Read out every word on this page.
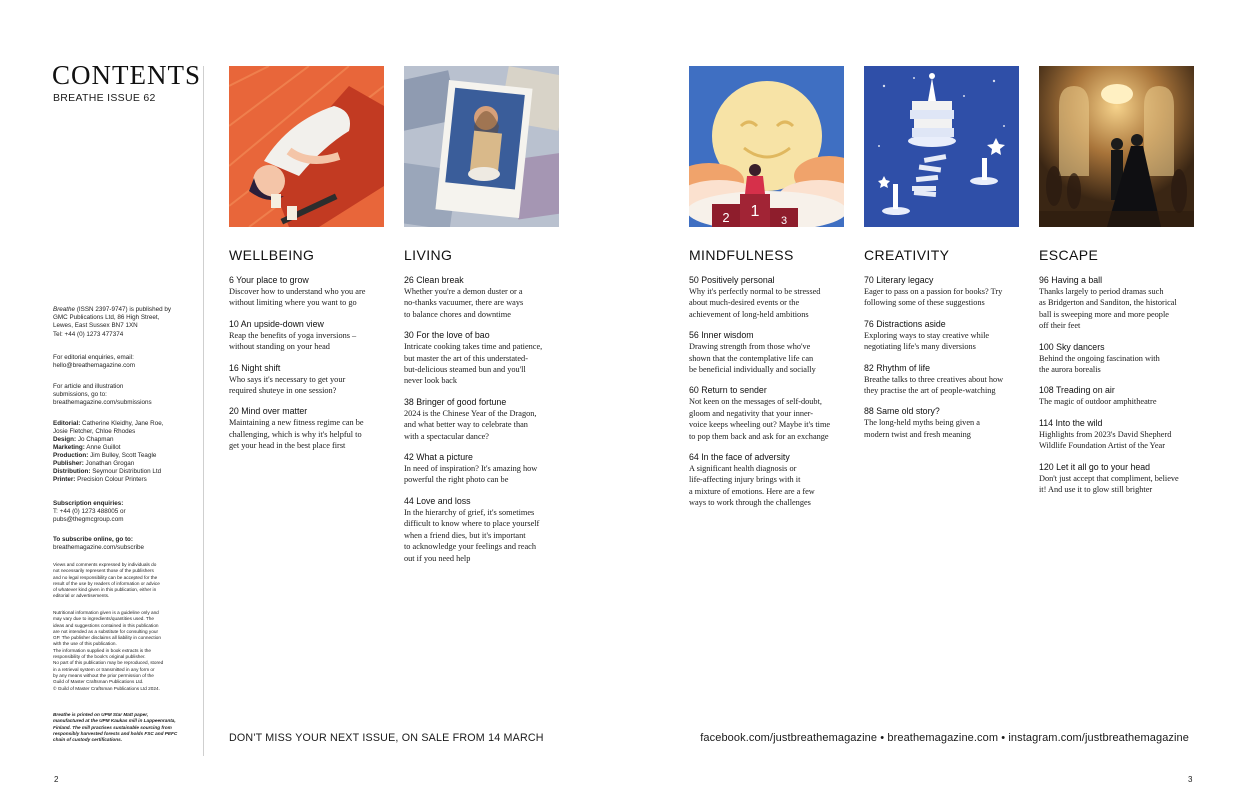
CONTENTS
BREATHE ISSUE 62

Breathe (ISSN 2397-9747) is published by
GMC Publications Ltd, 86 High Street,
Lewes, East Sussex BN7 1XN

Tel: +44 (0) 1273 477374

For editorial enquiries, email:

hello@breathemagazine.com

For article and illustration
submissions, go to:

breathemagazine.com/submissions

Editorial: Catherine Kleidhy, Jane Roe,
Josie Fletcher, Chloe Rhodes

Design: Jo Chapman

Marketing: Anne Guillot

Production: Jim Bulley, Scott Teagle

Publisher: Jonathan Grogan

Distribution: Seymour Distribution Ltd

Printer: Precision Colour Printers

Subscription enquiries:

T: +44 (0) 1273 488005 or
pubs@thegmcgroup.com

To subscribe online, go to:

breathemagazine.com/subscribe

Views and comments expressed by individuals do
not necessarily represent those of the publishers
and no legal responsibility can be accepted for the
result of the use by readers of information or advice
of whatever kind given in this publication, either in
editorial or advertisements.
Nutritional information given is a guideline only and
may vary due to ingredients/quantities used. The
ideas and suggestions contained in this publication
are not intended as a substitute for consulting your
GP. The publisher disclaims all liability in connection
with the use of this publication.
The information supplied in book extracts is the
responsibility of the book's original publisher.
No part of this publication may be reproduced, stored
in a retrieval system or transmitted in any form or
by any means without the prior permission of the
Guild of Master Craftsman Publications Ltd.
© Guild of Master Craftsman Publications Ltd 2024.
Breathe is printed on UPM Star Matt paper,
manufactured at the UPM Kaukas mill in Lappeenranta,
Finland. The mill practises sustainable sourcing from
responsibly harvested forests and holds FSC and PEFC
chain of custody certifications.
2 1
3
WELLBEING
6 Your place to grow
Discover how to understand who you are
without limiting where you want to go
10 An upside-down view
Reap the benefits of yoga inversions –
without standing on your head
16 Night shift
Who says it's necessary to get your
required shuteye in one session?
20 Mind over matter
Maintaining a new fitness regime can be
challenging, which is why it's helpful to
get your head in the best place first
LIVING
26 Clean break
Whether you're a demon duster or a
no-thanks vacuumer, there are ways
to balance chores and downtime
30 For the love of bao
Intricate cooking takes time and patience,
but master the art of this understated-
but-delicious steamed bun and you'll
never look back
38 Bringer of good fortune
2024 is the Chinese Year of the Dragon,
and what better way to celebrate than
with a spectacular dance?
42 What a picture
In need of inspiration? It's amazing how
powerful the right photo can be
44 Love and loss
In the hierarchy of grief, it's sometimes
difficult to know where to place yourself
when a friend dies, but it's important
to acknowledge your feelings and reach
out if you need help
MINDFULNESS
50 Positively personal
Why it's perfectly normal to be stressed
about much-desired events or the
achievement of long-held ambitions
56 Inner wisdom
Drawing strength from those who've
shown that the contemplative life can
be beneficial individually and socially
60 Return to sender
Not keen on the messages of self-doubt,
gloom and negativity that your inner-
voice keeps wheeling out? Maybe it's time
to pop them back and ask for an exchange
64 In the face of adversity
A significant health diagnosis or
life-affecting injury brings with it
a mixture of emotions. Here are a few
ways to work through the challenges
CREATIVITY
70 Literary legacy
Eager to pass on a passion for books? Try
following some of these suggestions
76 Distractions aside
Exploring ways to stay creative while
negotiating life's many diversions
82 Rhythm of life
Breathe talks to three creatives about how
they practise the art of people-watching
88 Same old story?
The long-held myths being given a
modern twist and fresh meaning
ESCAPE
96 Having a ball
Thanks largely to period dramas such
as Bridgerton and Sanditon, the historical
ball is sweeping more and more people
off their feet
100 Sky dancers
Behind the ongoing fascination with
the aurora borealis
108 Treading on air
The magic of outdoor amphitheatre
114 Into the wild
Highlights from 2023's David Shepherd
Wildlife Foundation Artist of the Year
120 Let it all go to your head
Don't just accept that compliment, believe
it! And use it to glow still brighter
DON'T MISS YOUR NEXT ISSUE, ON SALE FROM 14 MARCH	facebook.com/justbreathemagazine • breathemagazine.com • instagram.com/justbreathemagazine
2	3
